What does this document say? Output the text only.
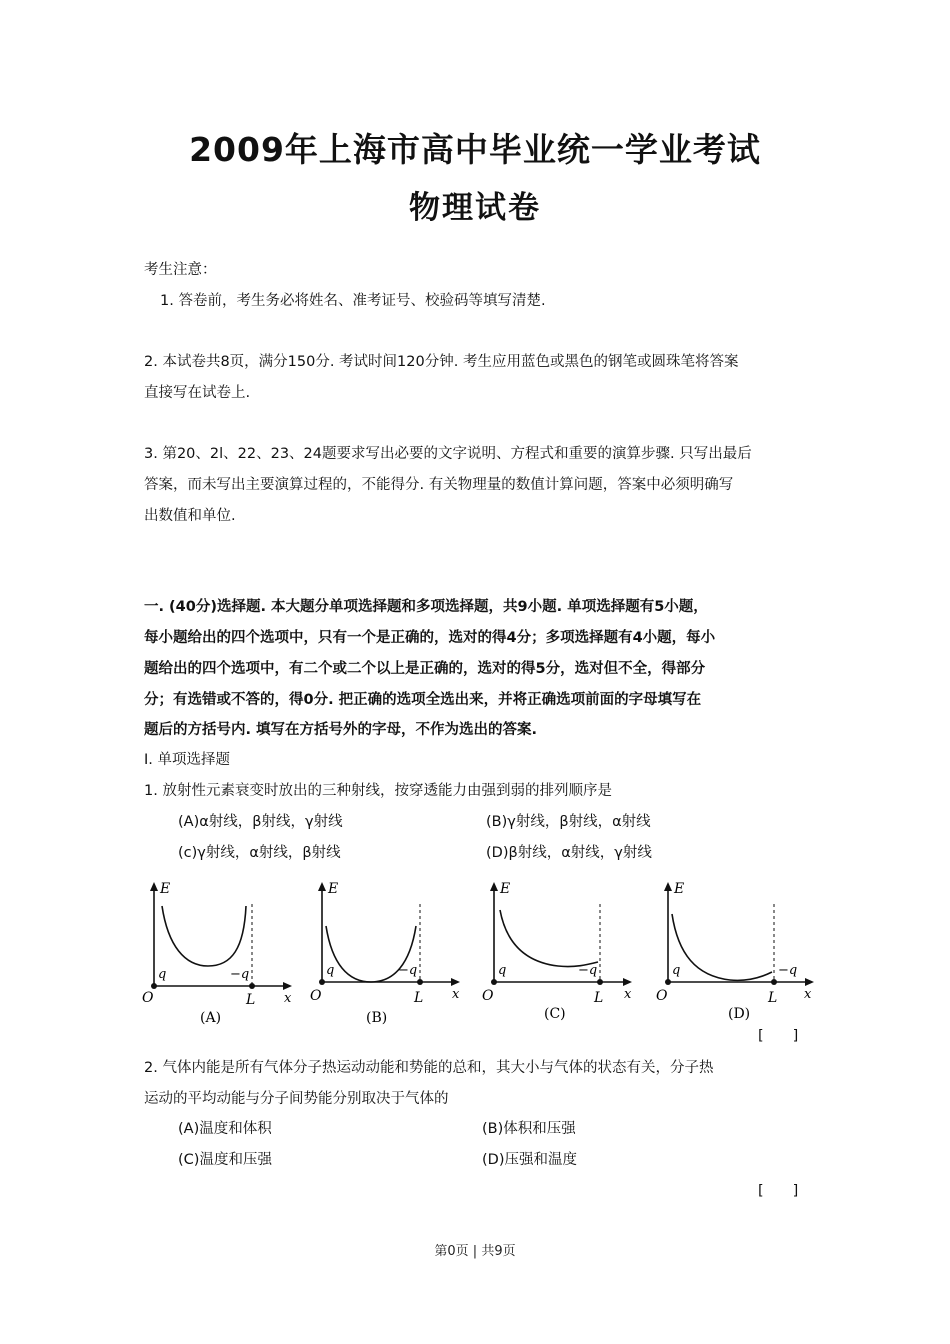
2009年上海市高中毕业统一学业考试
物理试卷
考生注意：
1. 答卷前，考生务必将姓名、准考证号、校验码等填写清楚.
2. 本试卷共8页，满分150分. 考试时间120分钟. 考生应用蓝色或黑色的钢笔或圆珠笔将答案
直接写在试卷上.
3. 第20、2l、22、23、24题要求写出必要的文字说明、方程式和重要的演算步骤. 只写出最后
答案，而未写出主要演算过程的，不能得分. 有关物理量的数值计算问题，答案中必须明确写
出数值和单位.
一. (40分)选择题. 本大题分单项选择题和多项选择题，共9小题. 单项选择题有5小题，
每小题给出的四个选项中，只有一个是正确的，选对的得4分；多项选择题有4小题，每小
题给出的四个选项中，有二个或二个以上是正确的，选对的得5分，选对但不全，得部分
分；有选错或不答的，得0分. 把正确的选项全选出来，并将正确选项前面的字母填写在
题后的方括号内. 填写在方括号外的字母，不作为选出的答案.
Ⅰ. 单项选择题
1. 放射性元素衰变时放出的三种射线，按穿透能力由强到弱的排列顺序是
(A)α射线，β射线，γ射线	(B)γ射线，β射线，α射线
(c)γ射线，α射线，β射线	(D)β射线，α射线，γ射线
E
q	−q
O	L x
(A)
E
q	−q
O	L x
(B)
E
q	−q
O	L x
(C)
E
q	−q
O	L x
(D)
[　　]
2. 气体内能是所有气体分子热运动动能和势能的总和，其大小与气体的状态有关，分子热
运动的平均动能与分子间势能分别取决于气体的
(A)温度和体积	(B)体积和压强
(C)温度和压强	(D)压强和温度
[　　]
第0页 | 共9页
